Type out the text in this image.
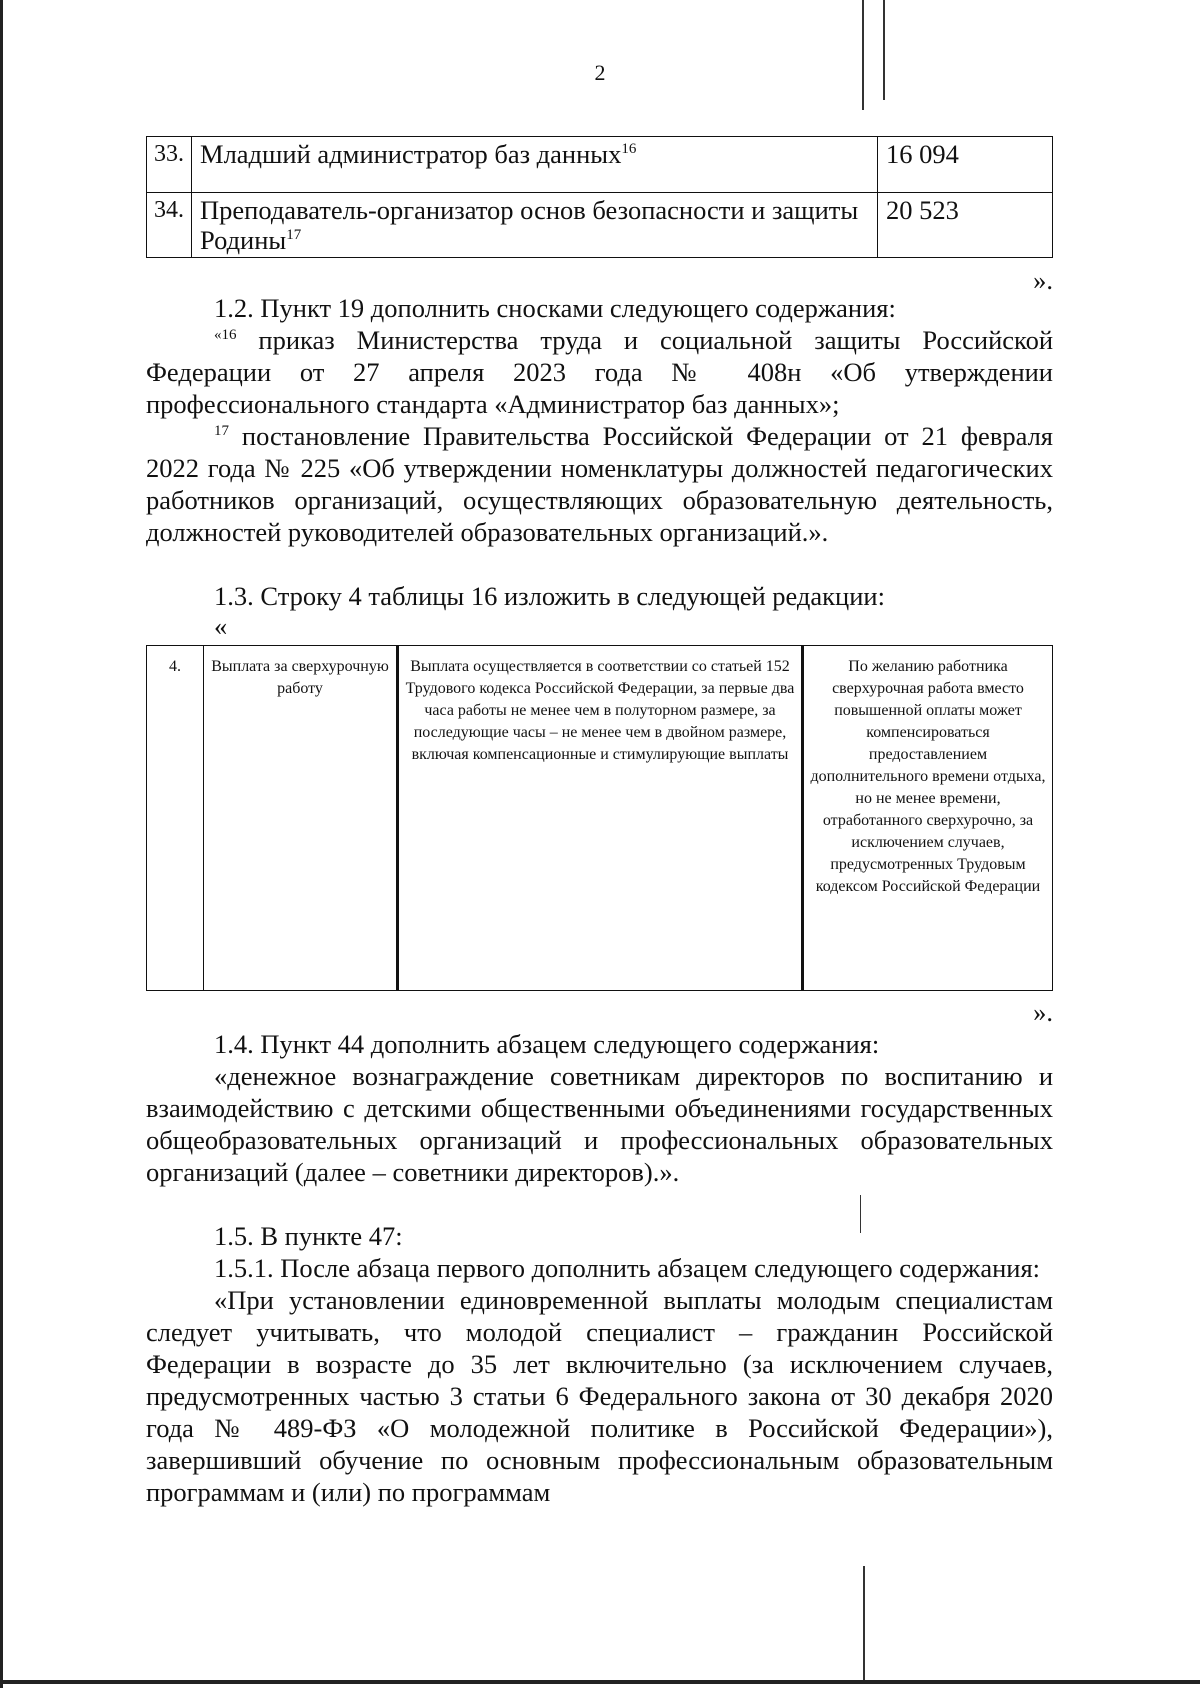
2
33.	Младший администратор баз данных$^{16}$	16 094
34.	Преподаватель-организатор основ безопасности и защиты Родины$^{17}$	20 523

».

1.2. Пункт 19 дополнить сносками следующего содержания:

$^{«16}$ приказ Министерства труда и социальной защиты Российской Федерации от 27 апреля 2023 года № 408н «Об утверждении профессионального стандарта «Администратор баз данных»;

$^{17}$ постановление Правительства Российской Федерации от 21 февраля 2022 года № 225 «Об утверждении номенклатуры должностей педагогических работников организаций, осуществляющих образовательную деятельность, должностей руководителей образовательных организаций.».

1.3. Строку 4 таблицы 16 изложить в следующей редакции:

«

».

1.4. Пункт 44 дополнить абзацем следующего содержания:

«денежное вознаграждение советникам директоров по воспитанию и взаимодействию с детскими общественными объединениями государственных общеобразовательных организаций и профессиональных образовательных организаций (далее – советники директоров).».

1.5. В пункте 47:

1.5.1. После абзаца первого дополнить абзацем следующего содержания:

«При установлении единовременной выплаты молодым специалистам следует учитывать, что молодой специалист – гражданин Российской Федерации в возрасте до 35 лет включительно (за исключением случаев, предусмотренных частью 3 статьи 6 Федерального закона от 30 декабря 2020 года № 489-ФЗ «О молодежной политике в Российской Федерации»), завершивший обучение по основным профессиональным образовательным программам и (или) по программам

4.	Выплата за сверхурочную работу	Выплата осуществляется в соответствии со статьей 152 Трудового кодекса Российской Федерации, за первые два часа работы не менее чем в полуторном размере, за последующие часы – не менее чем в двойном размере, включая компенсационные и стимулирующие выплаты	По желанию работника сверхурочная работа вместо повышенной оплаты может компенсироваться предоставлением дополнительного времени отдыха, но не менее времени, отработанного сверхурочно, за исключением случаев, предусмотренных Трудовым кодексом Российской Федерации
